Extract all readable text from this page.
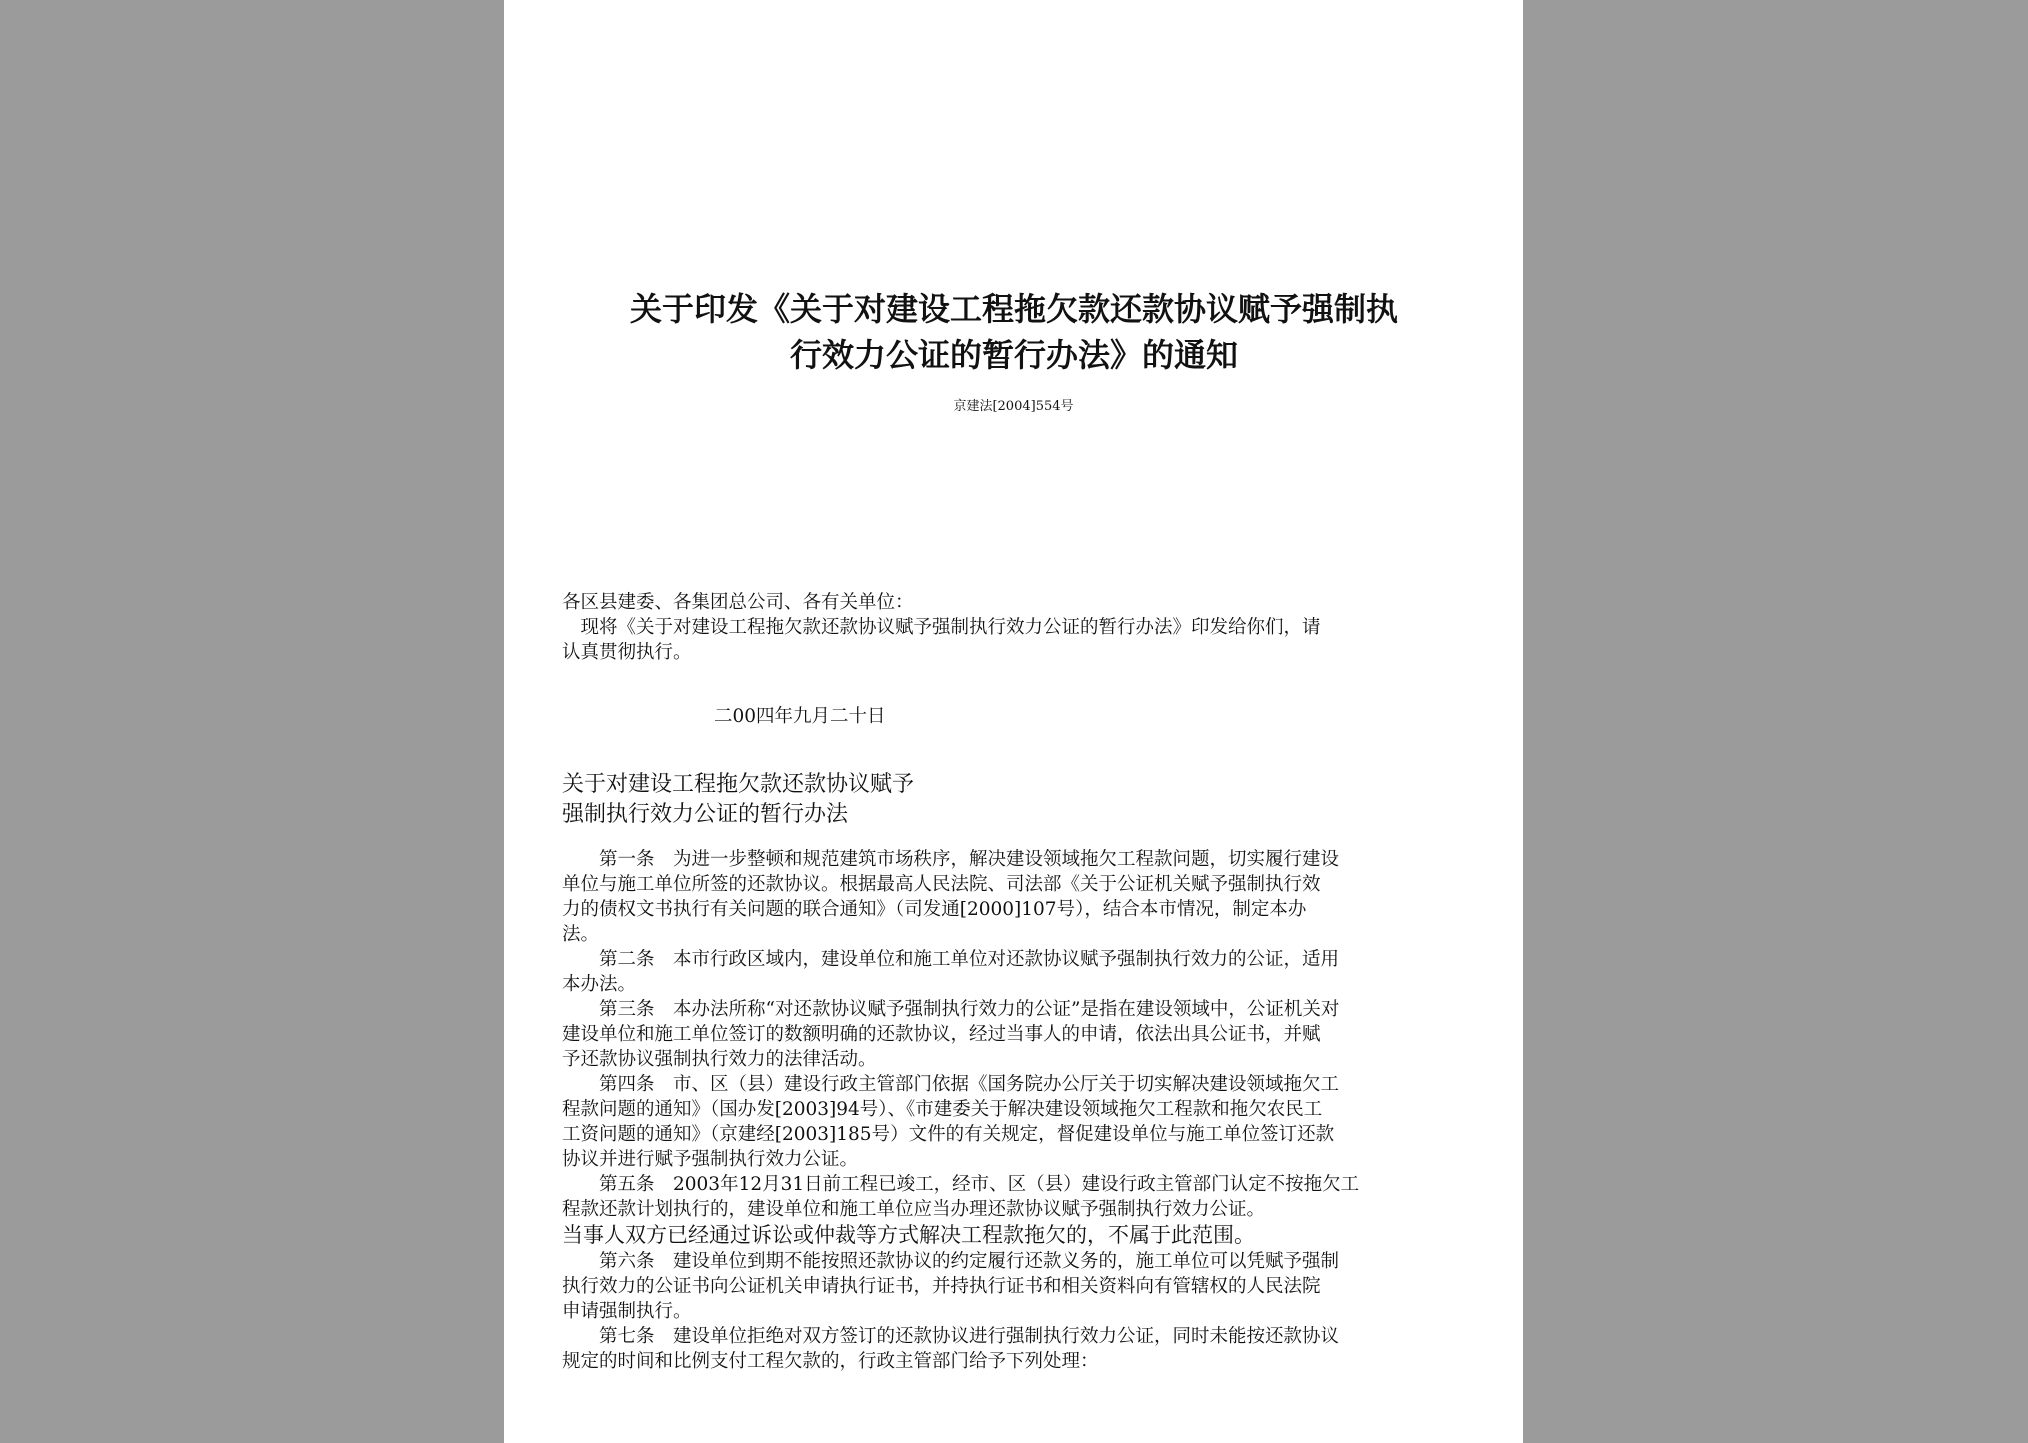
关于印发《关于对建设工程拖欠款还款协议赋予强制执
行效力公证的暂行办法》的通知
京建法[2004]554号
各区县建委、各集团总公司、各有关单位：
　现将《关于对建设工程拖欠款还款协议赋予强制执行效力公证的暂行办法》印发给你们，请
认真贯彻执行。
二00四年九月二十日
关于对建设工程拖欠款还款协议赋予
强制执行效力公证的暂行办法
　　第一条　为进一步整顿和规范建筑市场秩序，解决建设领域拖欠工程款问题，切实履行建设
单位与施工单位所签的还款协议。根据最高人民法院、司法部《关于公证机关赋予强制执行效
力的债权文书执行有关问题的联合通知》（司发通[2000]107号），结合本市情况，制定本办
法。
　　第二条　本市行政区域内，建设单位和施工单位对还款协议赋予强制执行效力的公证，适用
本办法。
　　第三条　本办法所称“对还款协议赋予强制执行效力的公证”是指在建设领域中，公证机关对
建设单位和施工单位签订的数额明确的还款协议，经过当事人的申请，依法出具公证书，并赋
予还款协议强制执行效力的法律活动。
　　第四条　市、区（县）建设行政主管部门依据《国务院办公厅关于切实解决建设领域拖欠工
程款问题的通知》（国办发[2003]94号）、《市建委关于解决建设领域拖欠工程款和拖欠农民工
工资问题的通知》（京建经[2003]185号）文件的有关规定，督促建设单位与施工单位签订还款
协议并进行赋予强制执行效力公证。
　　第五条　2003年12月31日前工程已竣工，经市、区（县）建设行政主管部门认定不按拖欠工
程款还款计划执行的，建设单位和施工单位应当办理还款协议赋予强制执行效力公证。
当事人双方已经通过诉讼或仲裁等方式解决工程款拖欠的，不属于此范围。
　　第六条　建设单位到期不能按照还款协议的约定履行还款义务的，施工单位可以凭赋予强制
执行效力的公证书向公证机关申请执行证书，并持执行证书和相关资料向有管辖权的人民法院
申请强制执行。
　　第七条　建设单位拒绝对双方签订的还款协议进行强制执行效力公证，同时未能按还款协议
规定的时间和比例支付工程欠款的，行政主管部门给予下列处理：
